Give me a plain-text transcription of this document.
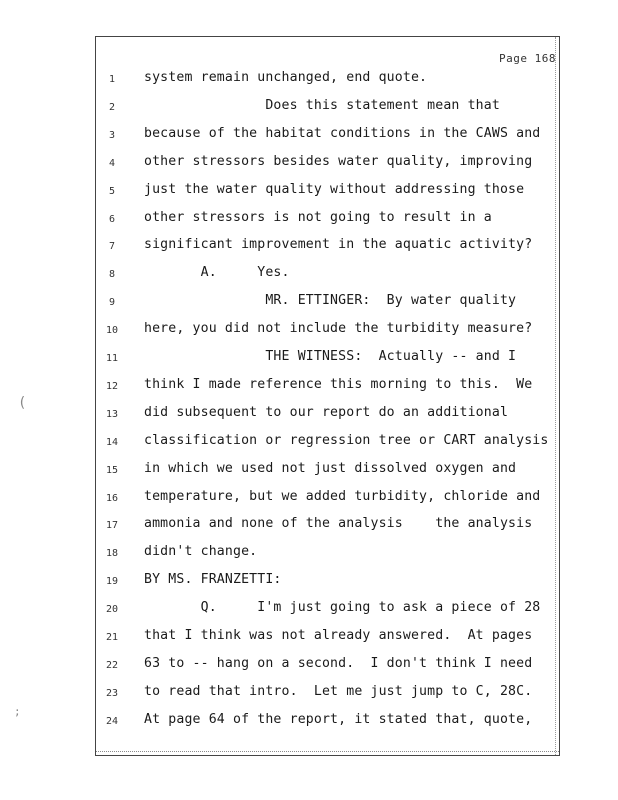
Page 168
1	system remain unchanged, end quote.
2	Does this statement mean that
3	because of the habitat conditions in the CAWS and
4	other stressors besides water quality, improving
5	just the water quality without addressing those
6	other stressors is not going to result in a
7	significant improvement in the aquatic activity?
8	A.     Yes.
9	MR. ETTINGER:  By water quality
10	here, you did not include the turbidity measure?
11	THE WITNESS:  Actually -- and I
12	think I made reference this morning to this.  We
13	did subsequent to our report do an additional
14	classification or regression tree or CART analysis
15	in which we used not just dissolved oxygen and
16	temperature, but we added turbidity, chloride and
17	ammonia and none of the analysis    the analysis
18	didn't change.
19	BY MS. FRANZETTI:
20	Q.     I'm just going to ask a piece of 28
21	that I think was not already answered.  At pages
22	63 to -- hang on a second.  I don't think I need
23	to read that intro.  Let me just jump to C, 28C.
24	At page 64 of the report, it stated that, quote,
(
;
